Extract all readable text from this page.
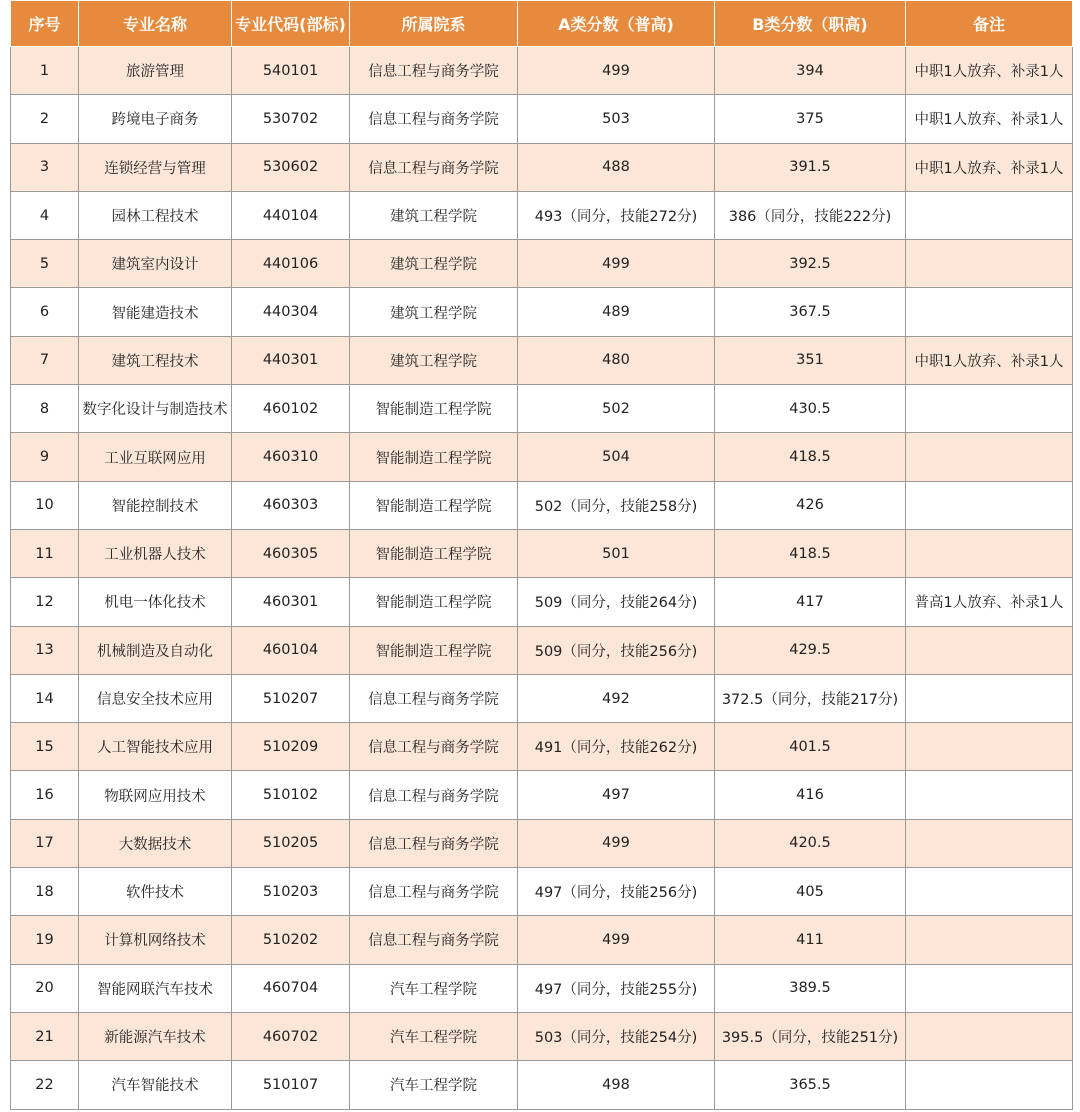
序号	专业名称	专业代码(部标)	所属院系	A类分数（普高)	B类分数（职高)	备注
1	旅游管理	540101	信息工程与商务学院	499	394	中职1人放弃、补录1人
2	跨境电子商务	530702	信息工程与商务学院	503	375	中职1人放弃、补录1人
3	连锁经营与管理	530602	信息工程与商务学院	488	391.5	中职1人放弃、补录1人
4	园林工程技术	440104	建筑工程学院	493（同分，技能272分)	386（同分，技能222分)	
5	建筑室内设计	440106	建筑工程学院	499	392.5	
6	智能建造技术	440304	建筑工程学院	489	367.5	
7	建筑工程技术	440301	建筑工程学院	480	351	中职1人放弃、补录1人
8	数字化设计与制造技术	460102	智能制造工程学院	502	430.5	
9	工业互联网应用	460310	智能制造工程学院	504	418.5	
10	智能控制技术	460303	智能制造工程学院	502（同分，技能258分)	426	
11	工业机器人技术	460305	智能制造工程学院	501	418.5	
12	机电一体化技术	460301	智能制造工程学院	509（同分，技能264分)	417	普高1人放弃、补录1人
13	机械制造及自动化	460104	智能制造工程学院	509（同分，技能256分)	429.5	
14	信息安全技术应用	510207	信息工程与商务学院	492	372.5（同分，技能217分)	
15	人工智能技术应用	510209	信息工程与商务学院	491（同分，技能262分)	401.5	
16	物联网应用技术	510102	信息工程与商务学院	497	416	
17	大数据技术	510205	信息工程与商务学院	499	420.5	
18	软件技术	510203	信息工程与商务学院	497（同分，技能256分)	405	
19	计算机网络技术	510202	信息工程与商务学院	499	411	
20	智能网联汽车技术	460704	汽车工程学院	497（同分，技能255分)	389.5	
21	新能源汽车技术	460702	汽车工程学院	503（同分，技能254分)	395.5（同分，技能251分)	
22	汽车智能技术	510107	汽车工程学院	498	365.5	
